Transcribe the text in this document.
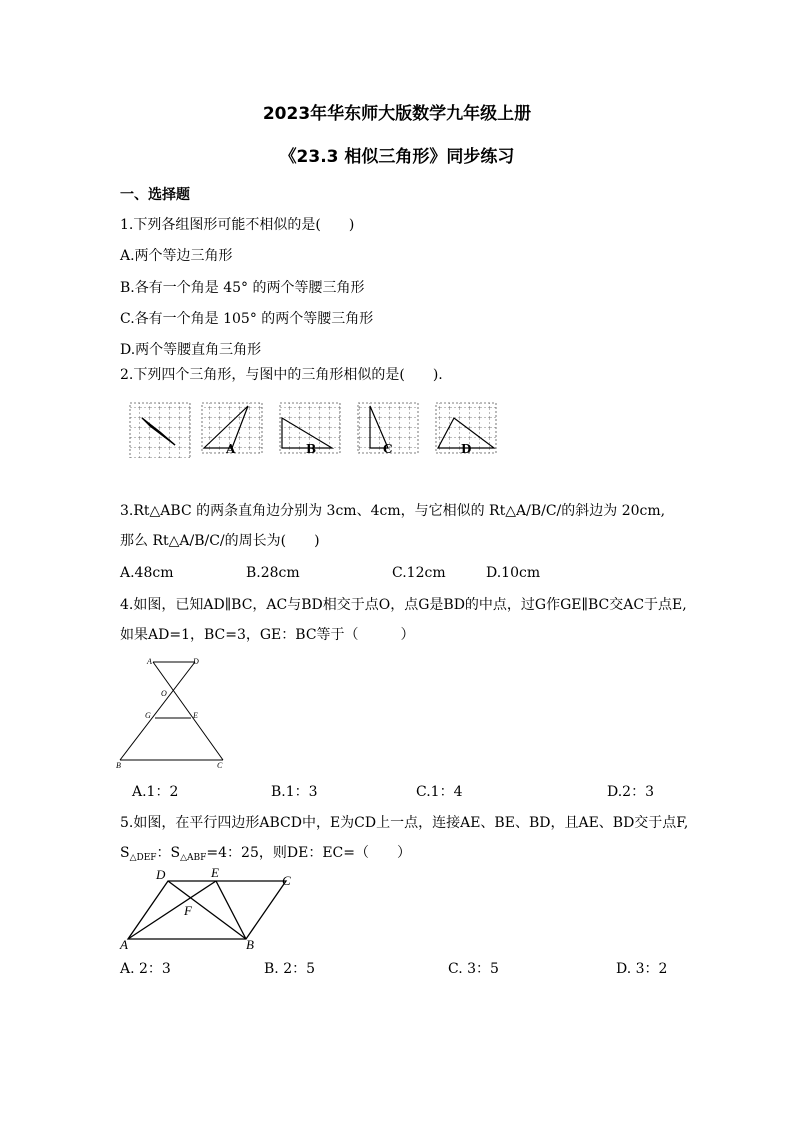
2023年华东师大版数学九年级上册
《23.3 相似三角形》同步练习
一、选择题
1.下列各组图形可能不相似的是(　　)
A.两个等边三角形
B.各有一个角是 45° 的两个等腰三角形
C.各有一个角是 105° 的两个等腰三角形
D.两个等腰直角三角形
2.下列四个三角形，与图中的三角形相似的是(　　).
A	B	C	D
3.Rt△ABC 的两条直角边分别为 3cm、4cm，与它相似的 Rt△A/B/C/的斜边为 20cm,
那么 Rt△A/B/C/的周长为(　　)
A.48cm	B.28cm	C.12cm	D.10cm
4.如图，已知AD∥BC，AC与BD相交于点O，点G是BD的中点，过G作GE∥BC交AC于点E,
如果AD=1，BC=3，GE：BC等于（　　　）
A	D
O
G	E
B	C
A.1：2	B.1：3	C.1：4	D.2：3
5.如图，在平行四边形ABCD中，E为CD上一点，连接AE、BE、BD，且AE、BD交于点F,
$S_{\triangle DEF}$：$S_{\triangle ABF}=4$：25，则DE：EC=（　　）
D	E
C
F
A	B
A. 2：3	B. 2：5	C. 3：5	D. 3：2
